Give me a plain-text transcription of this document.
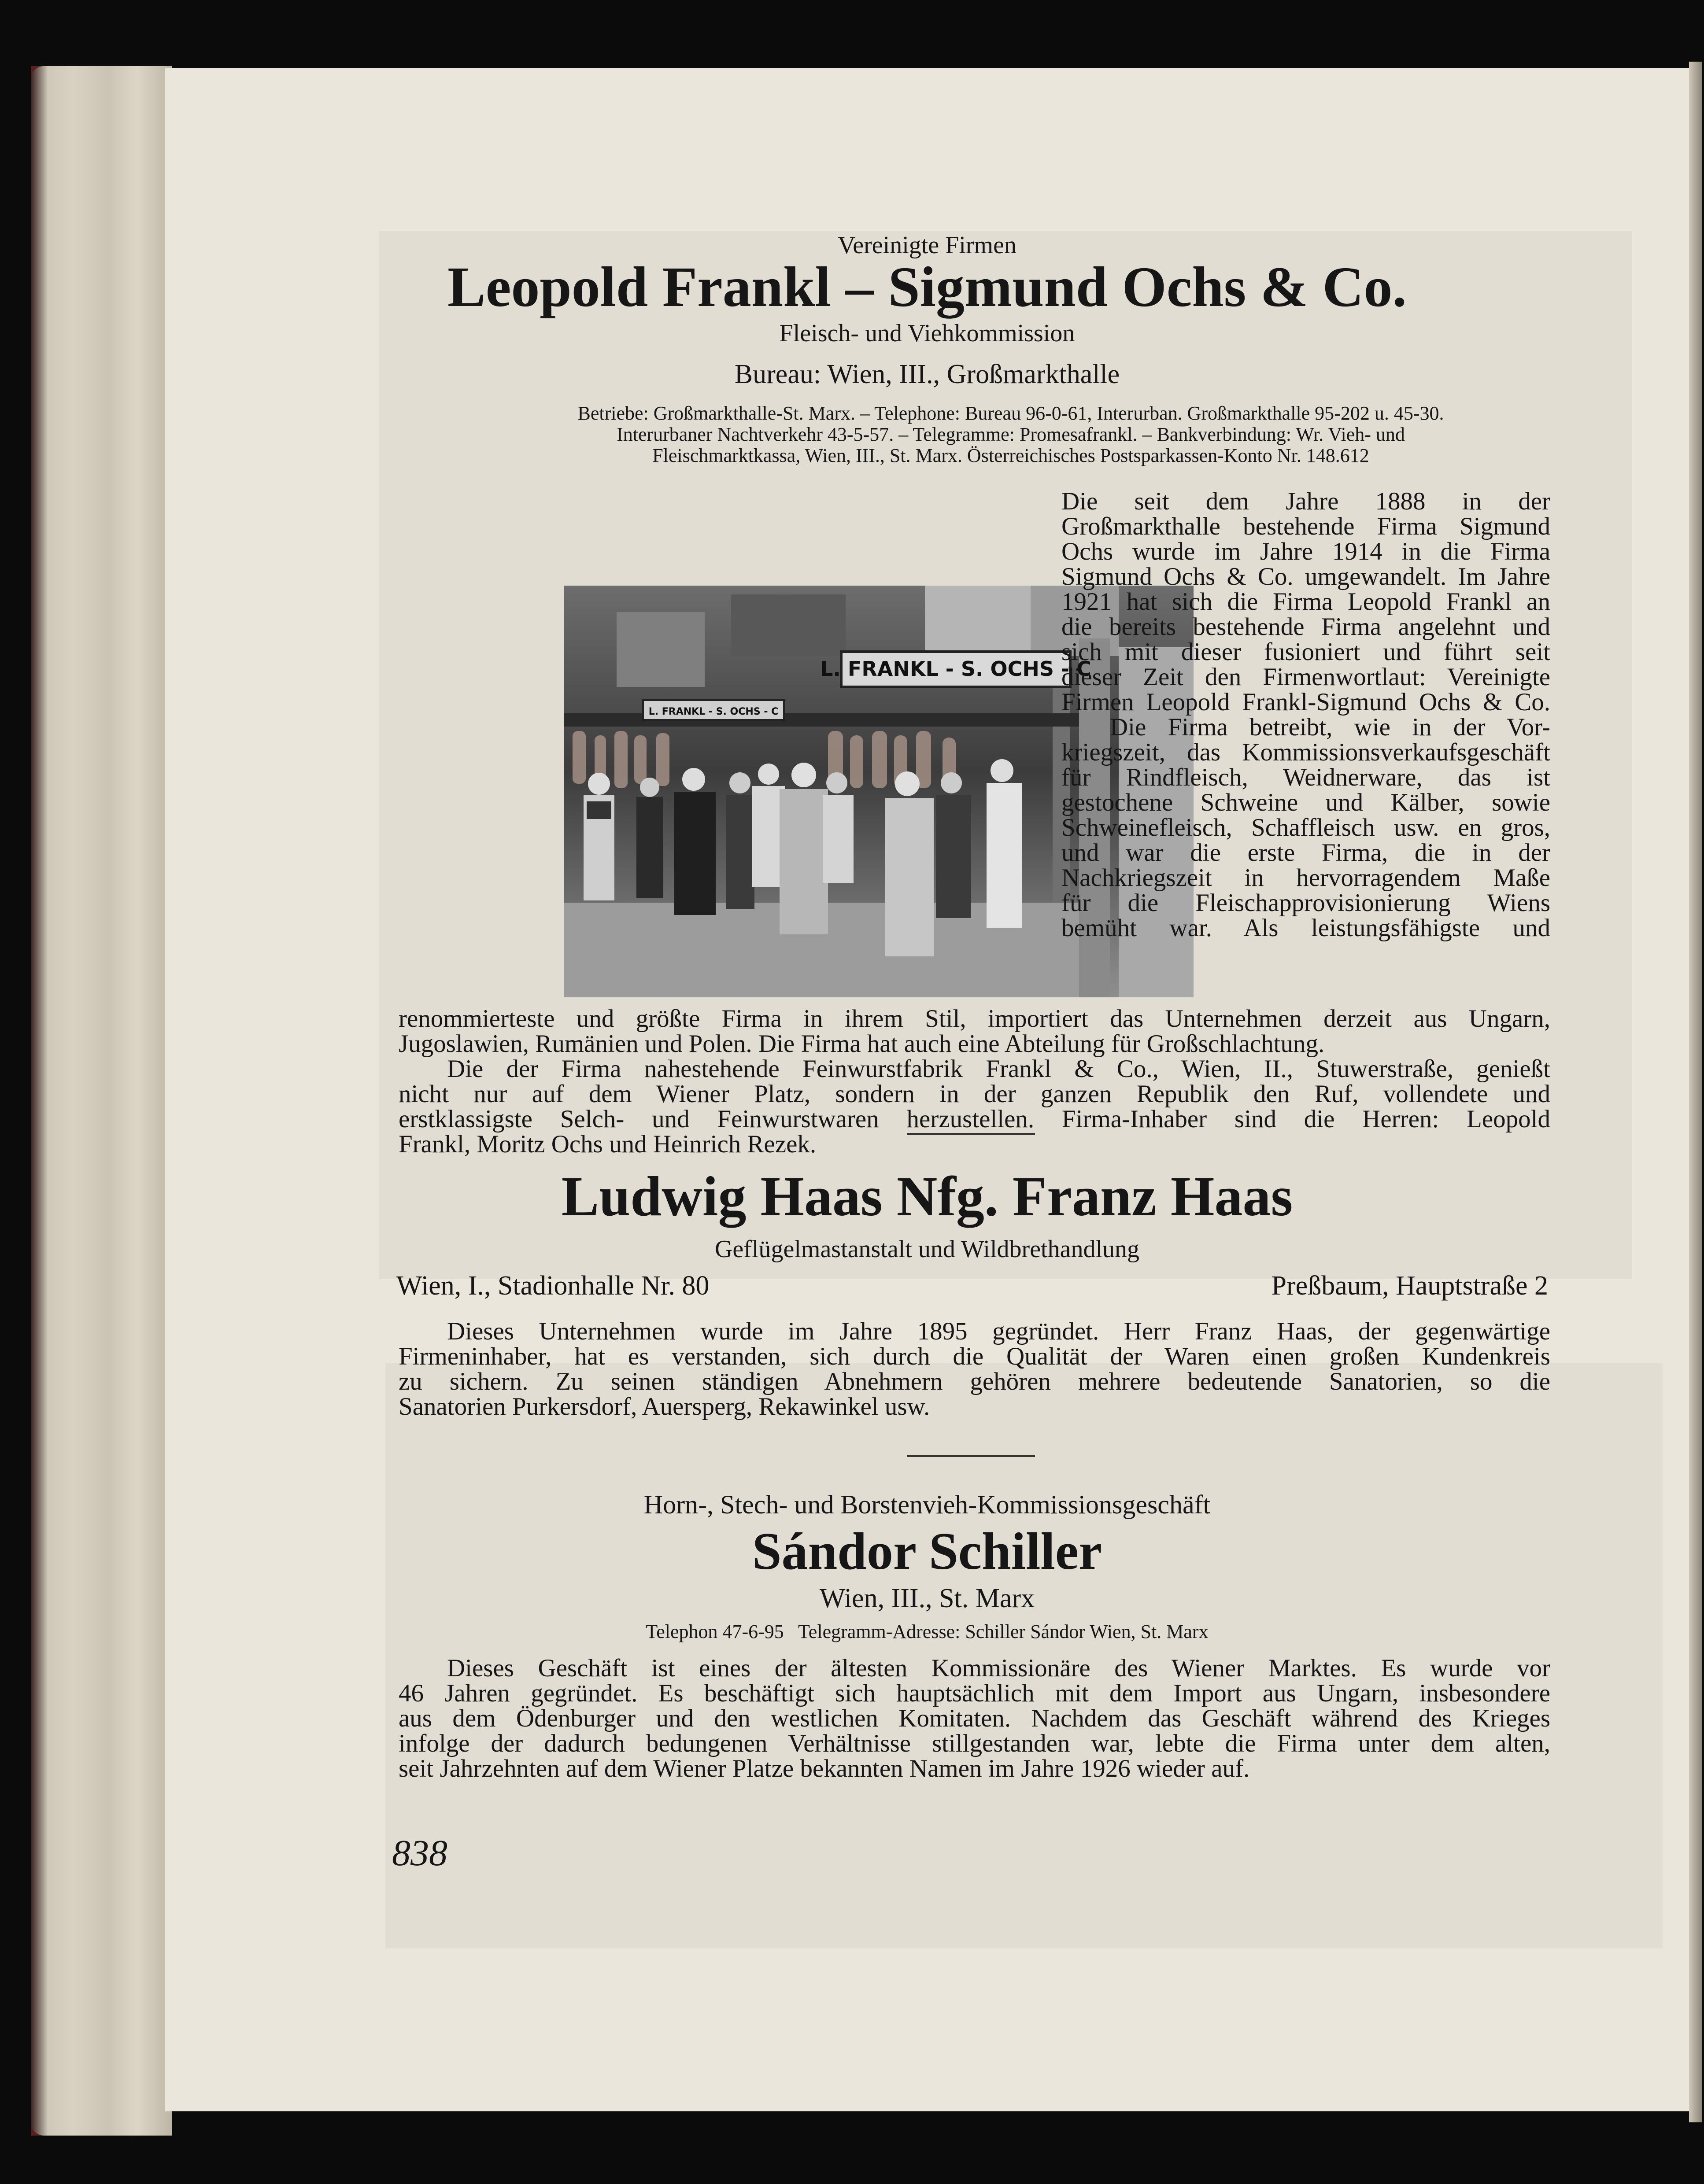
Vereinigte Firmen
Leopold Frankl – Sigmund Ochs & Co.
Fleisch- und Viehkommission
Bureau: Wien, III., Großmarkthalle
Betriebe: Großmarkthalle-St. Marx. – Telephone: Bureau 96-0-61, Interurban. Großmarkthalle 95-202 u. 45-30.
Interurbaner Nachtverkehr 43-5-57. – Telegramme: Promesafrankl. – Bankverbindung: Wr. Vieh- und
Fleischmarktkassa, Wien, III., St. Marx. Österreichisches Postsparkassen-Konto Nr. 148.612
L. FRANKL - S. OCHS - C
L. FRANKL - S. OCHS - C
Die seit dem Jahre 1888 in der
Großmarkthalle bestehende Firma Sigmund
Ochs wurde im Jahre 1914 in die Firma
Sigmund Ochs & Co. umgewandelt. Im Jahre
1921 hat sich die Firma Leopold Frankl an
die bereits bestehende Firma angelehnt und
sich mit dieser fusioniert und führt seit
dieser Zeit den Firmenwortlaut: Vereinigte
Firmen Leopold Frankl-Sigmund Ochs & Co.
Die Firma betreibt, wie in der Vor-
kriegszeit, das Kommissionsverkaufsgeschäft
für Rindfleisch, Weidnerware, das ist
gestochene Schweine und Kälber, sowie
Schweinefleisch, Schaffleisch usw. en gros,
und war die erste Firma, die in der
Nachkriegszeit in hervorragendem Maße
für die Fleischapprovisionierung Wiens
bemüht war. Als leistungsfähigste und
renommierteste und größte Firma in ihrem Stil, importiert das Unternehmen derzeit aus Ungarn,
Jugoslawien, Rumänien und Polen. Die Firma hat auch eine Abteilung für Großschlachtung.
Die der Firma nahestehende Feinwurstfabrik Frankl & Co., Wien, II., Stuwerstraße, genießt
nicht nur auf dem Wiener Platz, sondern in der ganzen Republik den Ruf, vollendete und
erstklassigste Selch- und Feinwurstwaren herzustellen. Firma-Inhaber sind die Herren: Leopold
Frankl, Moritz Ochs und Heinrich Rezek.
Ludwig Haas Nfg. Franz Haas
Geflügelmastanstalt und Wildbrethandlung
Wien, I., Stadionhalle Nr. 80	Preßbaum, Hauptstraße 2
Dieses Unternehmen wurde im Jahre 1895 gegründet. Herr Franz Haas, der gegenwärtige
Firmeninhaber, hat es verstanden, sich durch die Qualität der Waren einen großen Kundenkreis
zu sichern. Zu seinen ständigen Abnehmern gehören mehrere bedeutende Sanatorien, so die
Sanatorien Purkersdorf, Auersperg, Rekawinkel usw.
Horn-, Stech- und Borstenvieh-Kommissionsgeschäft
Sándor Schiller
Wien, III., St. Marx
Telephon 47-6-95   Telegramm-Adresse: Schiller Sándor Wien, St. Marx
Dieses Geschäft ist eines der ältesten Kommissionäre des Wiener Marktes. Es wurde vor
46 Jahren gegründet. Es beschäftigt sich hauptsächlich mit dem Import aus Ungarn, insbesondere
aus dem Ödenburger und den westlichen Komitaten. Nachdem das Geschäft während des Krieges
infolge der dadurch bedungenen Verhältnisse stillgestanden war, lebte die Firma unter dem alten,
seit Jahrzehnten auf dem Wiener Platze bekannten Namen im Jahre 1926 wieder auf.
838
